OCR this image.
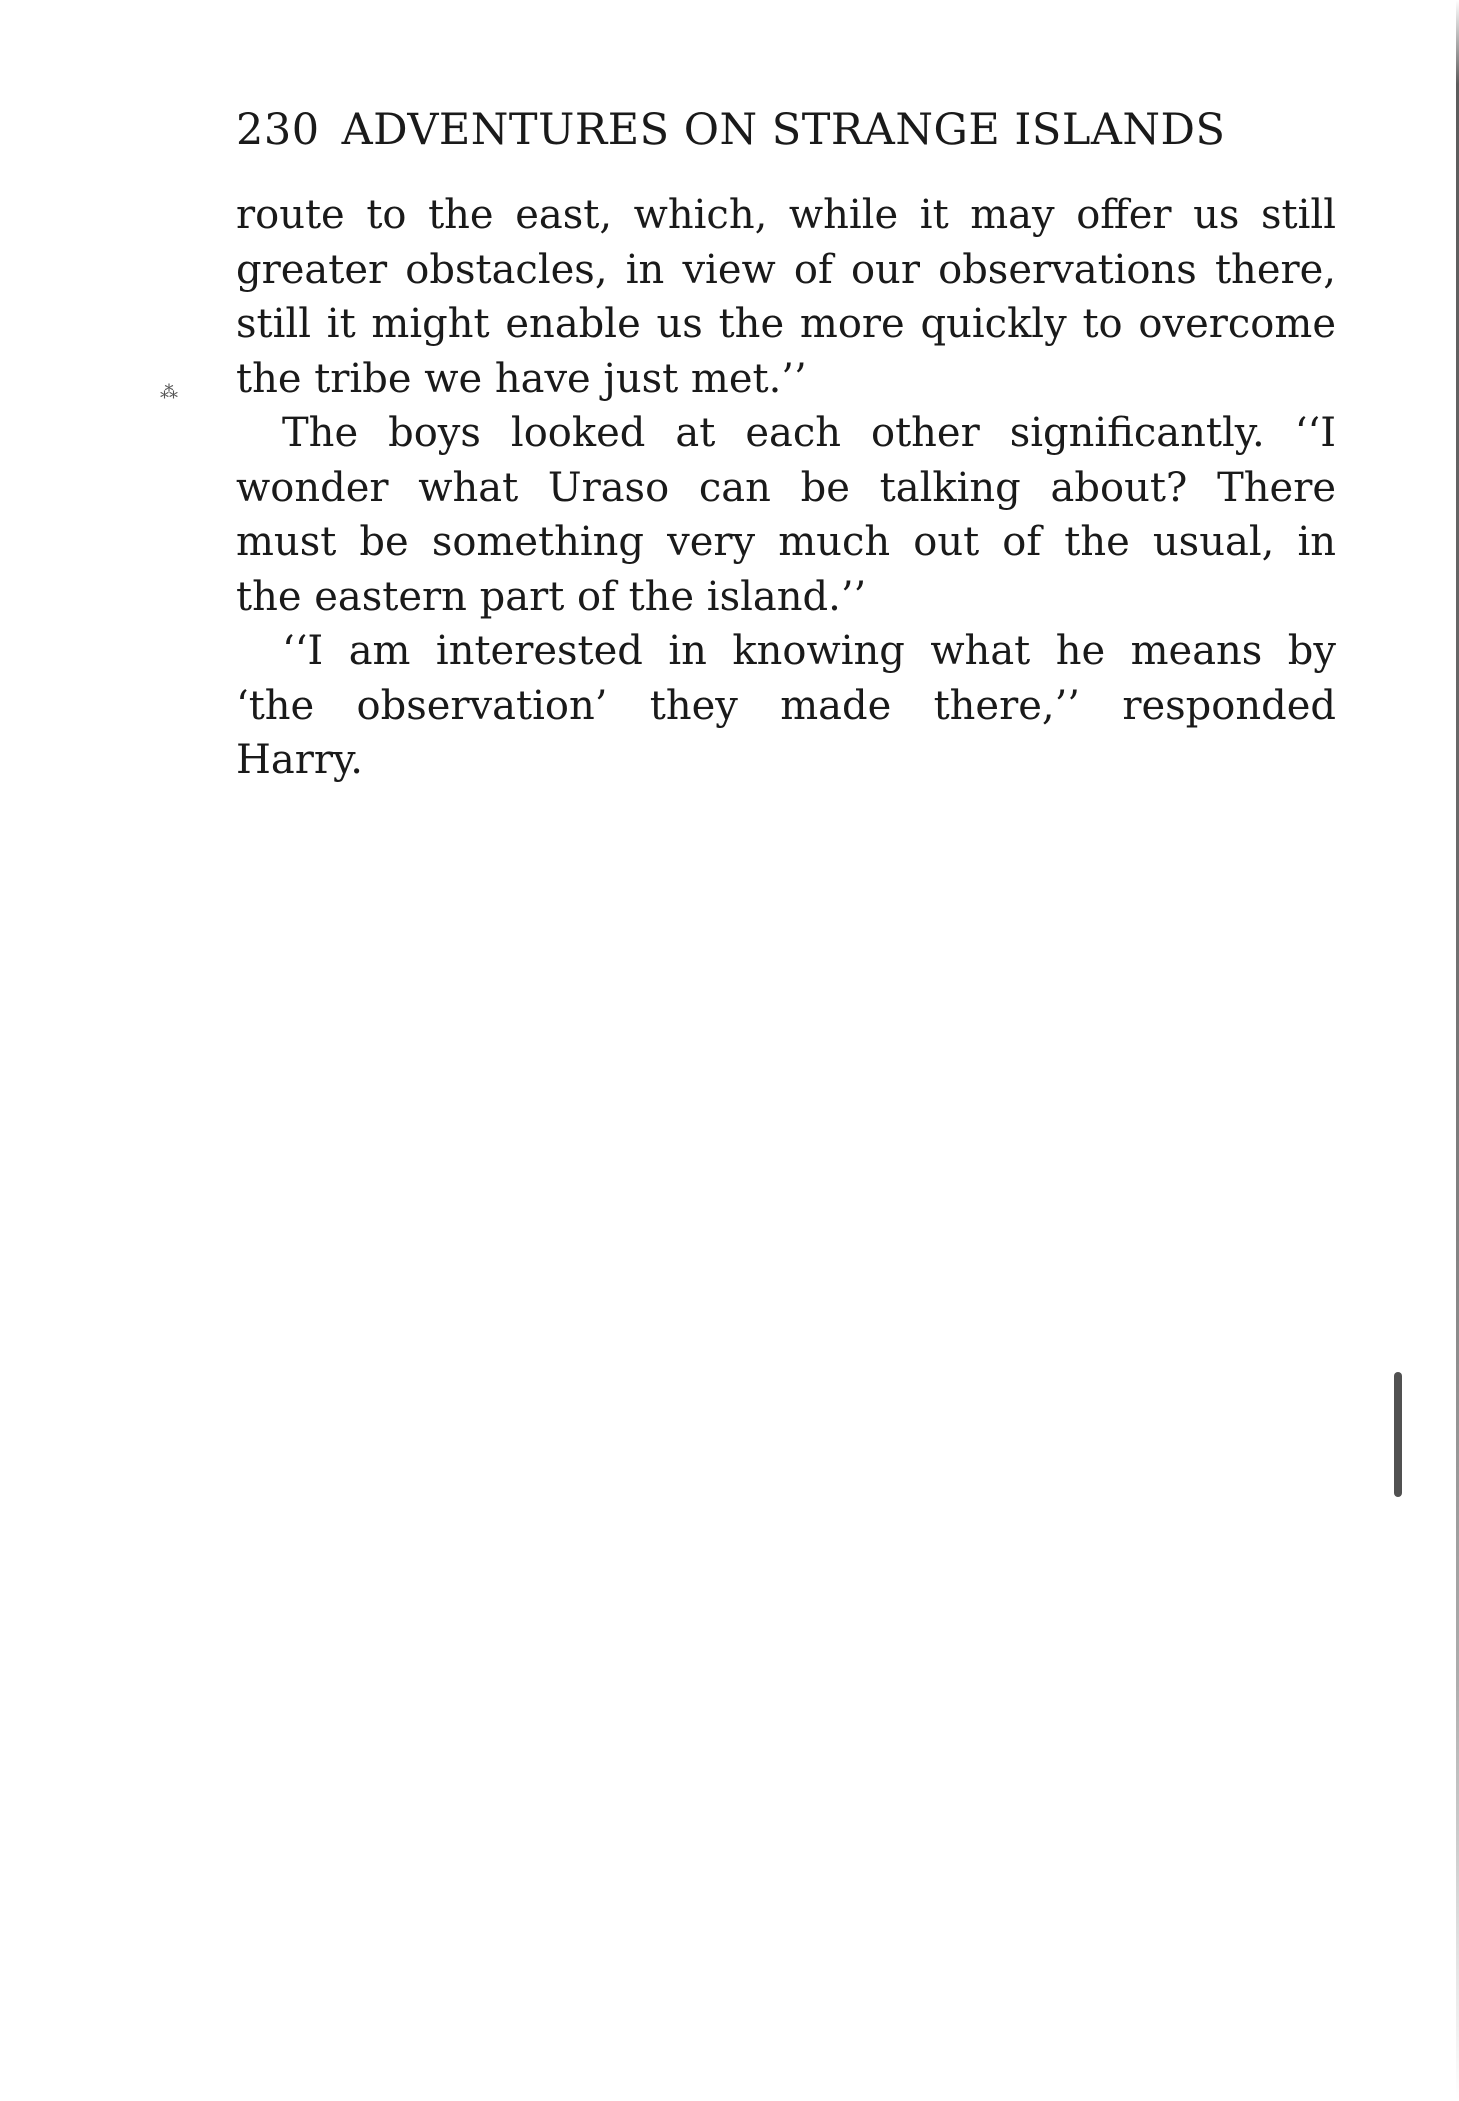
230 ADVENTURES ON STRANGE ISLANDS
route to the east, which, while it may offer us still
greater obstacles, in view of our observations there,
still it might enable us the more quickly to overcome
the tribe we have just met.’’
The boys looked at each other significantly. ‘‘I
wonder what Uraso can be talking about? There
must be something very much out of the usual, in
the eastern part of the island.’’
‘‘I am interested in knowing what he means by
‘the observation’ they made there,’’ responded
Harry.
⁂
